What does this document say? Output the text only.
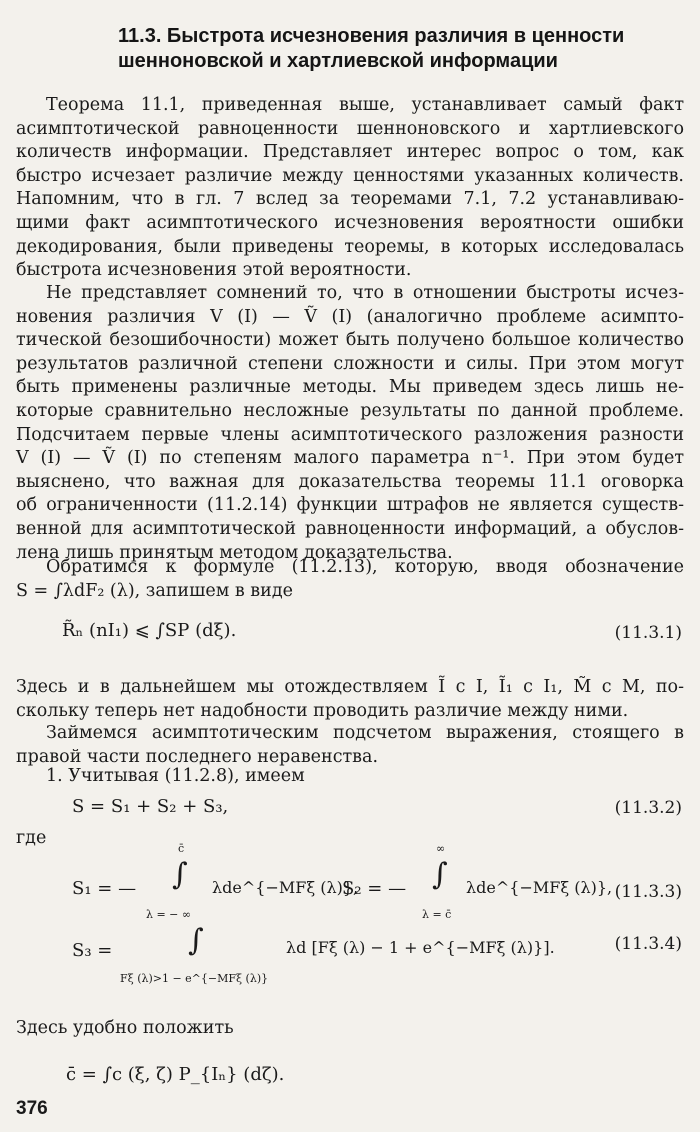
11.3. Быстрота исчезновения различия в ценности
шенноновской и хартлиевской информации
Теорема 11.1, приведенная выше, устанавливает самый факт
асимптотической равноценности шенноновского и хартлиевского
количеств информации. Представляет интерес вопрос о том, как
быстро исчезает различие между ценностями указанных количеств.
Напомним, что в гл. 7 вслед за теоремами 7.1, 7.2 устанавливаю-
щими факт асимптотического исчезновения вероятности ошибки
декодирования, были приведены теоремы, в которых исследовалась
быстрота исчезновения этой вероятности.
Не представляет сомнений то, что в отношении быстроты исчез-
новения различия V (I) — Ṽ (I) (аналогично проблеме асимпто-
тической безошибочности) может быть получено большое количество
результатов различной степени сложности и силы. При этом могут
быть применены различные методы. Мы приведем здесь лишь не-
которые сравнительно несложные результаты по данной проблеме.
Подсчитаем первые члены асимптотического разложения разности
V (I) — Ṽ (I) по степеням малого параметра n⁻¹. При этом будет
выяснено, что важная для доказательства теоремы 11.1 оговорка
об ограниченности (11.2.14) функции штрафов не является существ-
венной для асимптотической равноценности информаций, а обуслов-
лена лишь принятым методом доказательства.
Обратимся к формуле (11.2.13), которую, вводя обозначение
S = ∫λdF₂ (λ), запишем в виде
R̃ₙ (nI₁) ⩽ ∫SP (dξ).	(11.3.1)
Здесь и в дальнейшем мы отождествляем Ĩ с I, Ĩ₁ с I₁, M̃ с M, по-
скольку теперь нет надобности проводить различие между ними.
Займемся асимптотическим подсчетом выражения, стоящего в
правой части последнего неравенства.
1. Учитывая (11.2.8), имеем
S = S₁ + S₂ + S₃,	(11.3.2)
где
S₁ = —
c̄
∫
λ = − ∞
λde^{−MFξ (λ)},
S₂ = —
∞
∫
λ = c̄
λde^{−MFξ (λ)}, (11.3.3)
S₃ =	∫
Fξ (λ)>1 − e^{−MFξ (λ)}
λd [Fξ (λ) − 1 + e^{−MFξ (λ)}].	(11.3.4)
Здесь удобно положить
c̄ = ∫c (ξ, ζ) P_{Iₙ} (dζ).
376
